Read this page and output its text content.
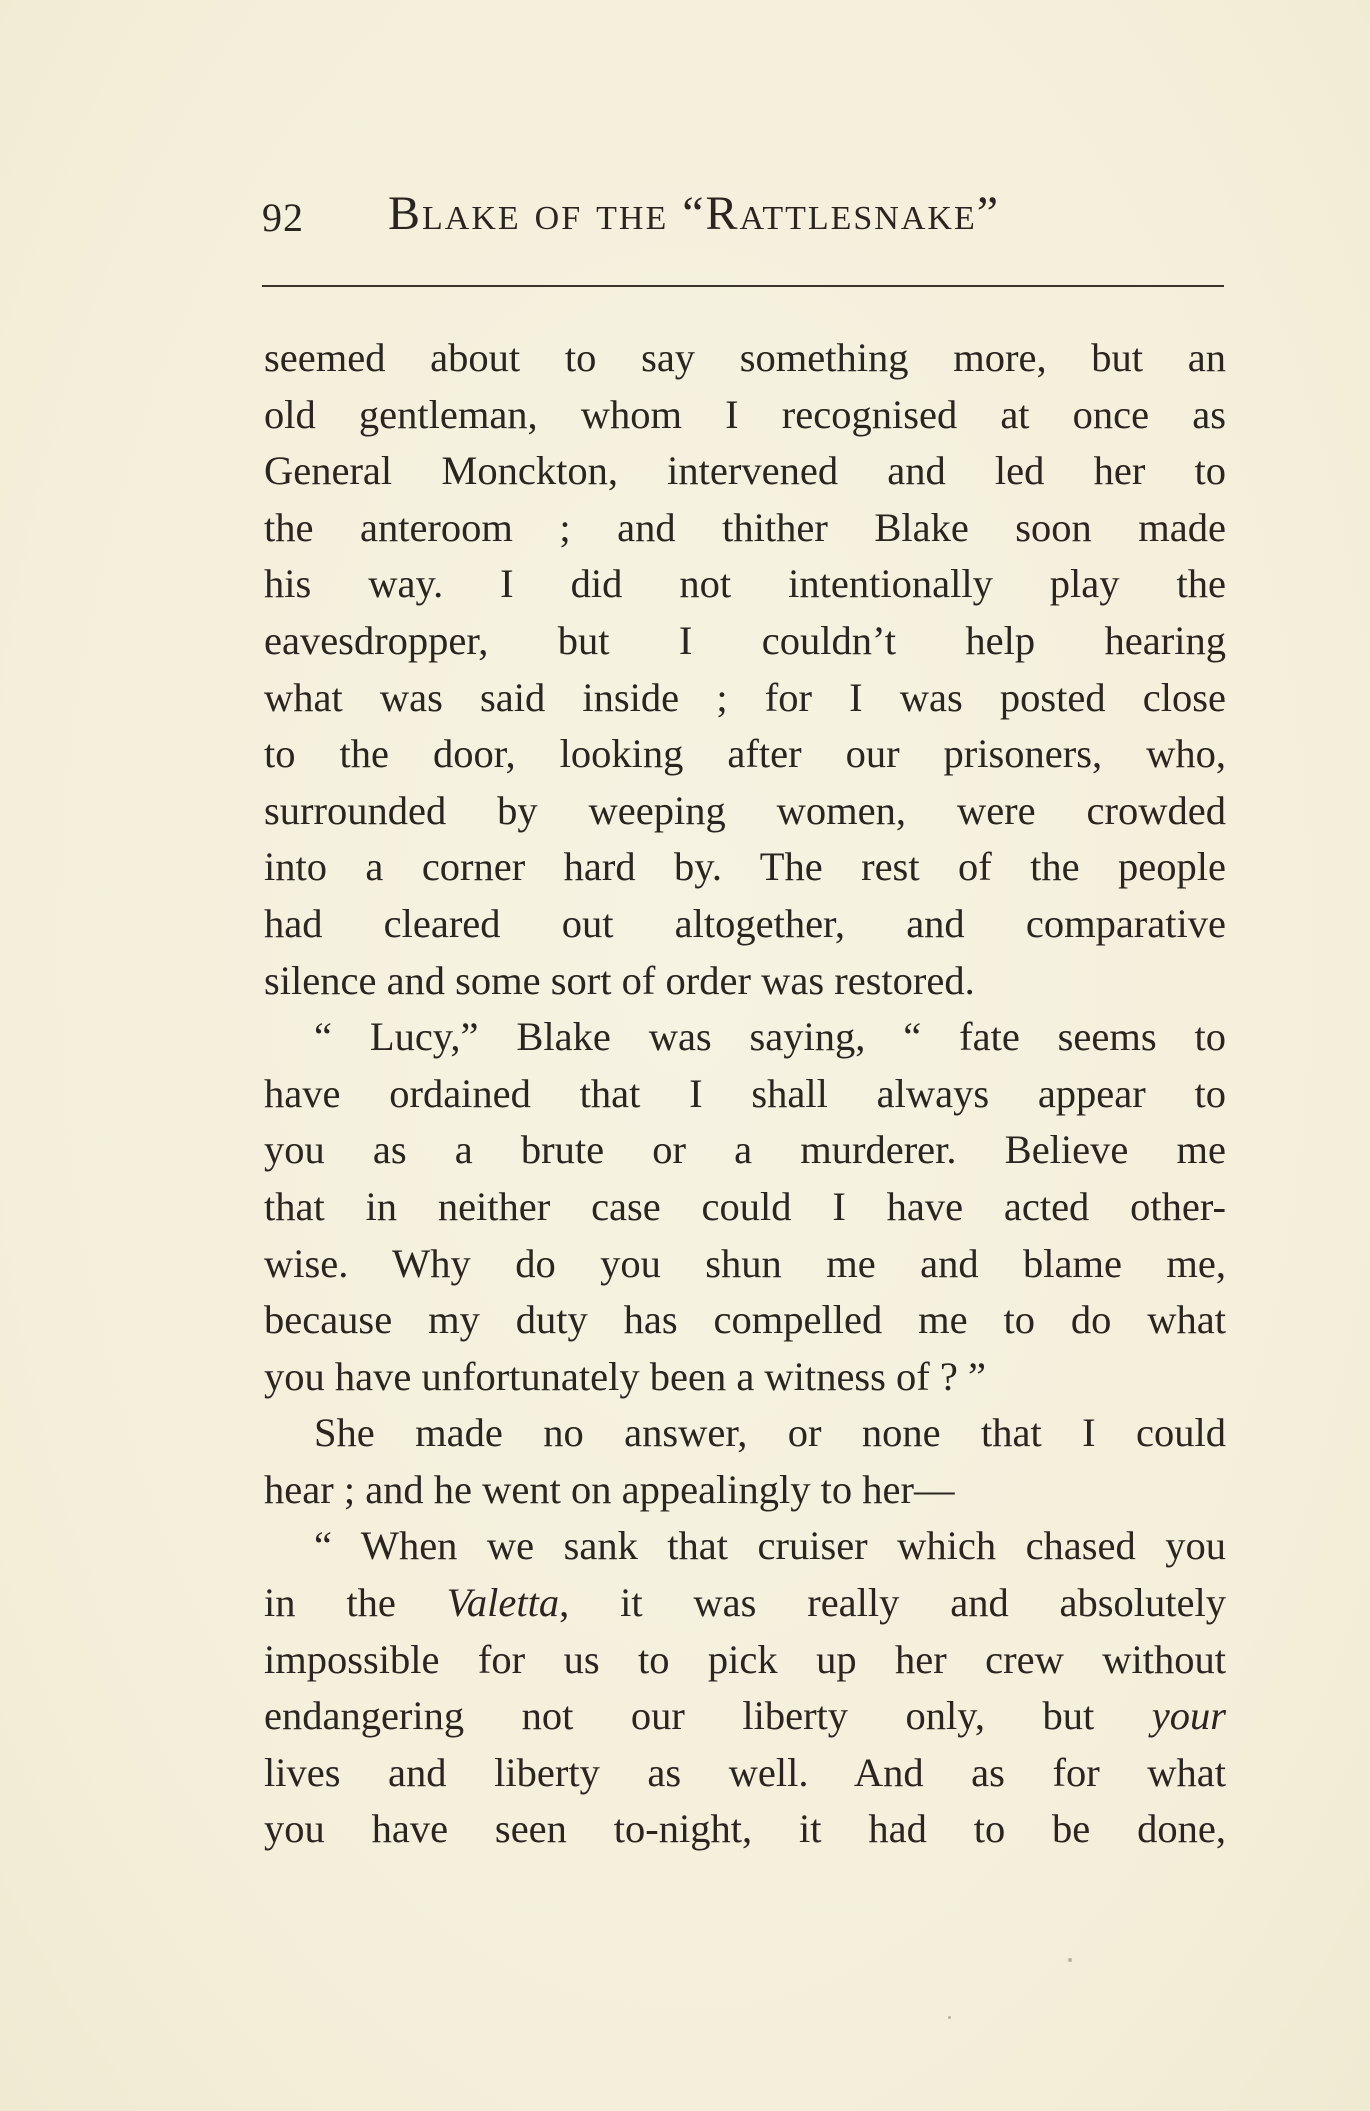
92 Blake of the “Rattlesnake”
seemed about to say something more, but an
old gentleman, whom I recognised at once as
General Monckton, intervened and led her to
the anteroom ; and thither Blake soon made
his way. I did not intentionally play the
eavesdropper, but I couldn’t help hearing
what was said inside ; for I was posted close
to the door, looking after our prisoners, who,
surrounded by weeping women, were crowded
into a corner hard by. The rest of the people
had cleared out altogether, and comparative
silence and some sort of order was restored.
“ Lucy,” Blake was saying, “ fate seems to
have ordained that I shall always appear to
you as a brute or a murderer. Believe me
that in neither case could I have acted other-
wise. Why do you shun me and blame me,
because my duty has compelled me to do what
you have unfortunately been a witness of ? ”
She made no answer, or none that I could
hear ; and he went on appealingly to her—
“ When we sank that cruiser which chased you
in the Valetta, it was really and absolutely
impossible for us to pick up her crew without
endangering not our liberty only, but your
lives and liberty as well. And as for what
you have seen to-night, it had to be done,
